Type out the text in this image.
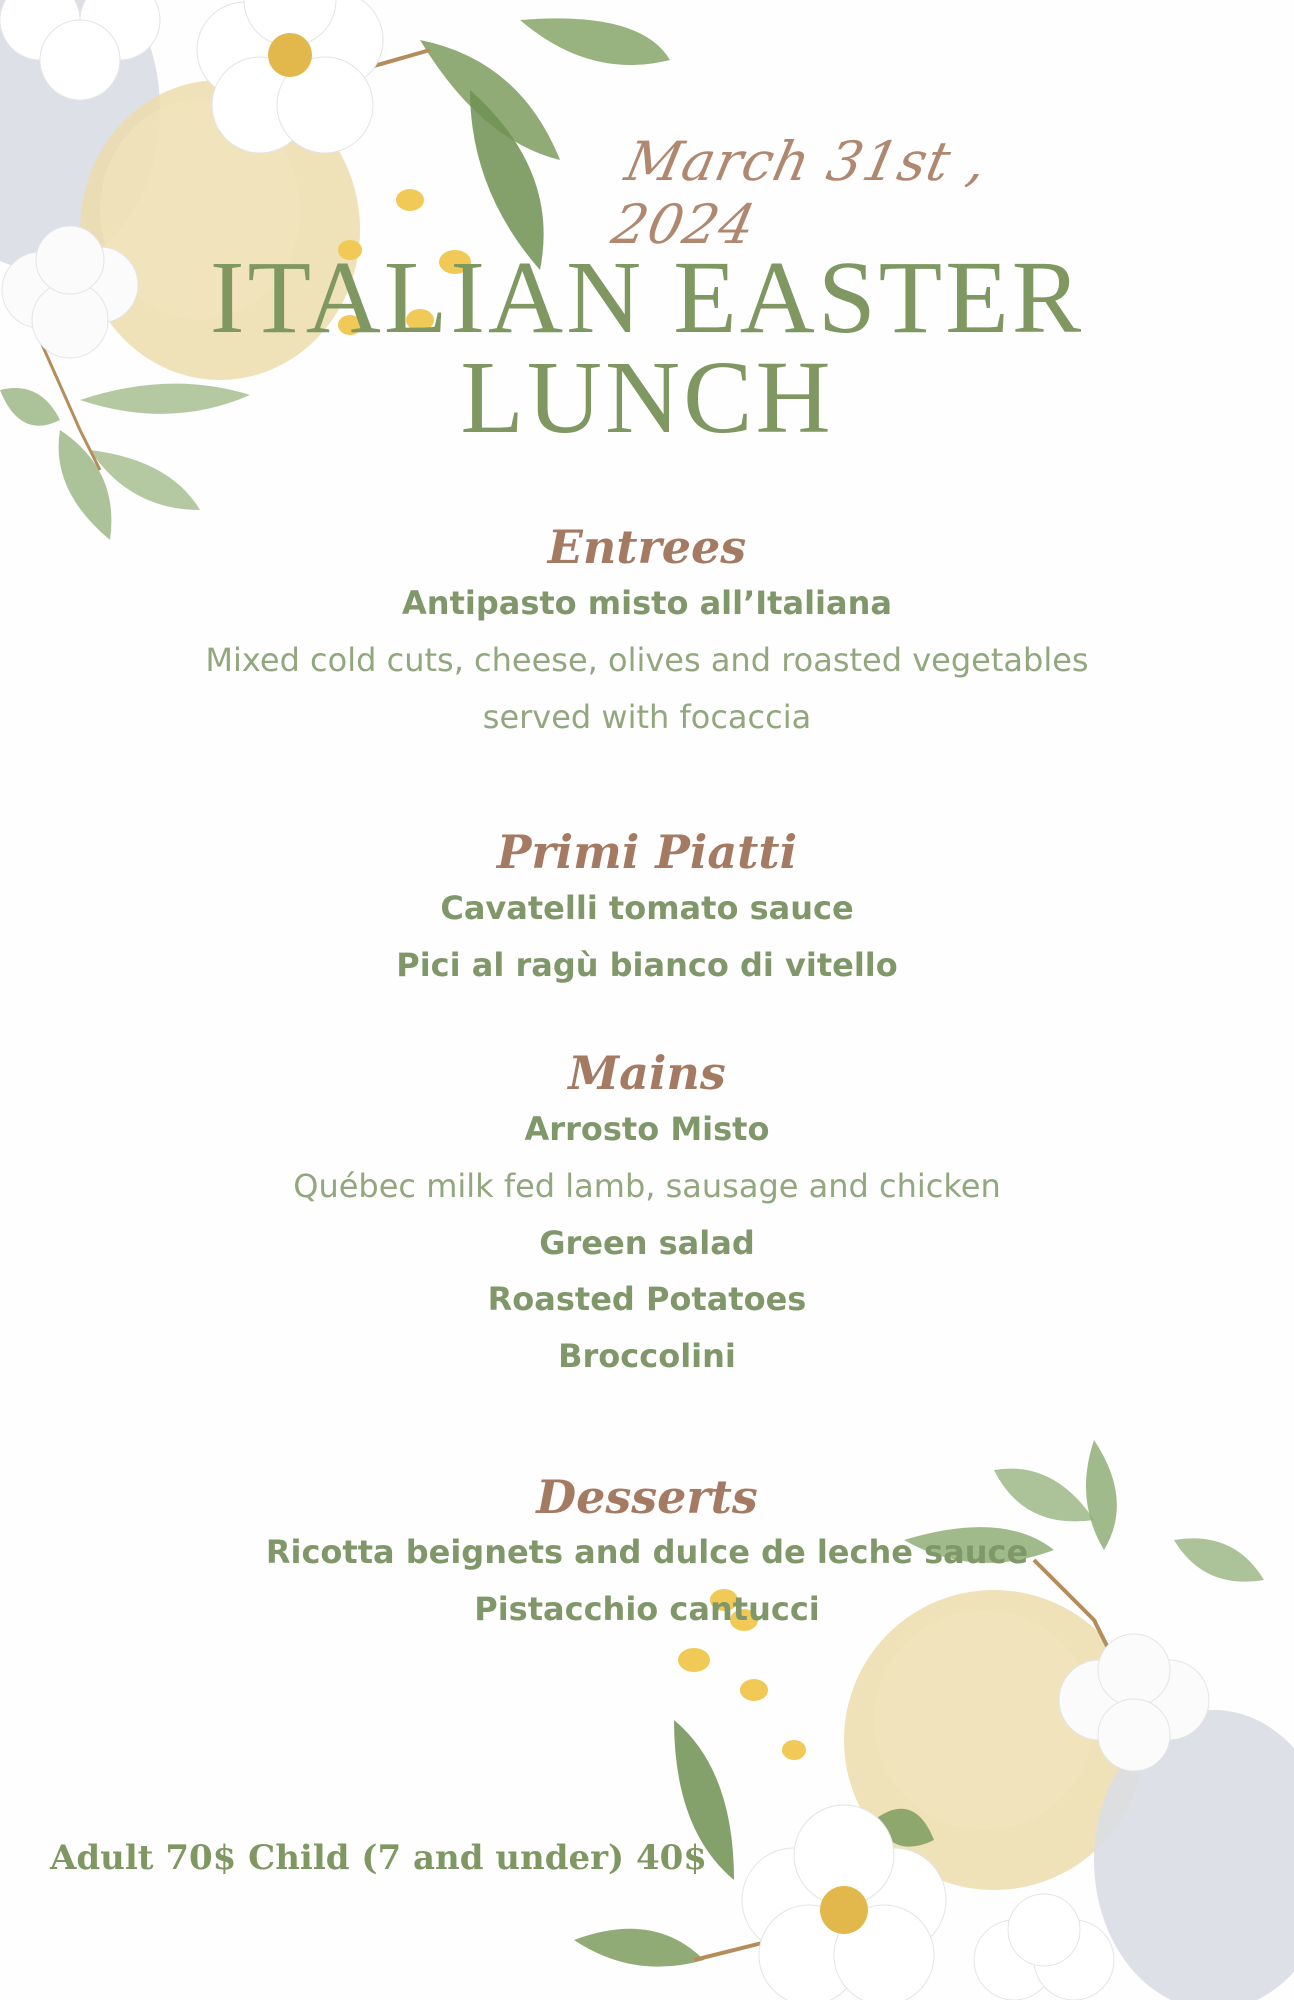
March 31st , 2024
ITALIAN EASTER
LUNCH
Entrees

Antipasto misto all’Italiana

Mixed cold cuts, cheese, olives and roasted vegetables

served with focaccia

Primi Piatti

Cavatelli tomato sauce

Pici al ragù bianco di vitello

Mains

Arrosto Misto

Québec milk fed lamb, sausage and chicken

Green salad

Roasted Potatoes

Broccolini

Desserts

Ricotta beignets and dulce de leche sauce

Pistacchio cantucci

Adult 70$ Child (7 and under) 40$
